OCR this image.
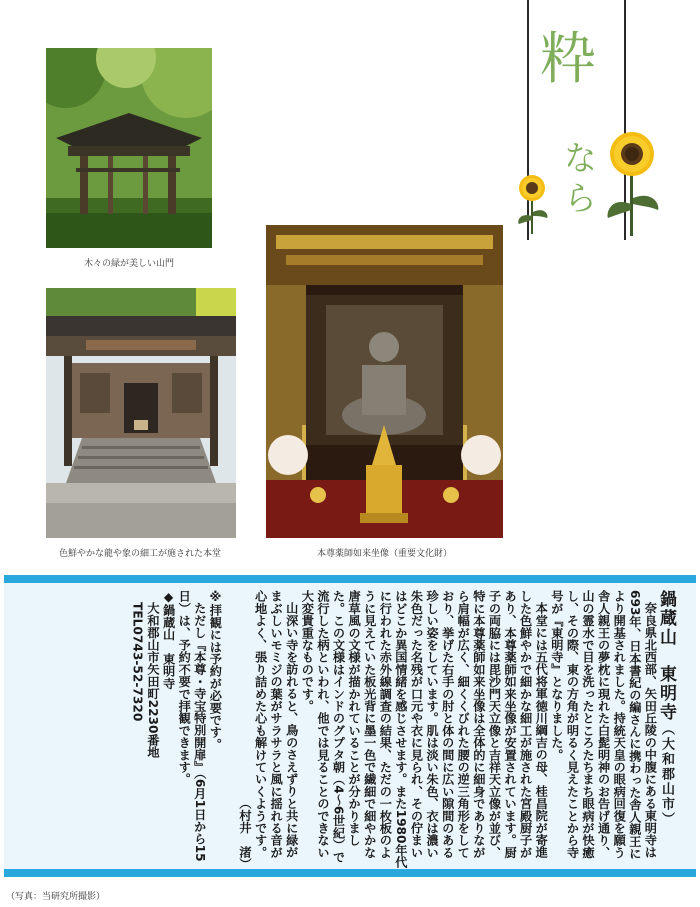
木々の緑が美しい山門
色鮮やかな龍や象の細工が施された本堂	本尊薬師如来坐像（重要文化財）
粋
なら

鍋蔵山東明寺（大和郡山市）

奈良県北西部、矢田丘陵の中腹にある東明寺は693年、日本書紀の編さんに携わった舎人親王により開基されました。持統天皇の眼病回復を願う舎人親王の夢枕に現れた白髭明神のお告げ通り、山の霊水で目を洗ったところたちまち眼病が快癒し、その際、東の方角が明るく見えたことから寺号が『東明寺』となりました。

本堂には五代将軍徳川綱吉の母、桂昌院が寄進した色鮮やかで細かな細工が施された宮殿厨子があり、本尊薬師如来坐像が安置されています。厨子の両脇には毘沙門天立像と吉祥天立像が並び、特に本尊薬師如来坐像は全体的に細身でありながら肩幅が広く、細くくびれた腰の逆三角形をしており、挙げた右手の肘と体の間に広い隙間のある珍しい姿をしています。肌は淡い朱色、衣は濃い朱色だった名残が口元や衣に見られ、その佇まいはどこか異国情緒を感じさせます。また1980年代に行われた赤外線調査の結果、ただの一枚板のように見えていた板光背に墨一色で繊細で細やかな唐草風の文様が描かれていることが分かりました。この文様はインドのグプタ朝（4～6世紀）で流行した柄といわれ、他では見ることのできない大変貴重なものです。

山深い寺を訪れると、鳥のさえずりと共に緑がまぶしいモミジの葉がサラサラと風に揺れる音が心地よく、張り詰めた心も解けていくようです。
（村井　渚）

※拝観には予約が必要です。

ただし『本尊・寺宝特別開扉』（6月1日から15日）は、予約不要で拝観できます。

◆鍋蔵山　東明寺

大和郡山市矢田町2230番地

TEL0743-52-7320

（写真：当研究所撮影）
